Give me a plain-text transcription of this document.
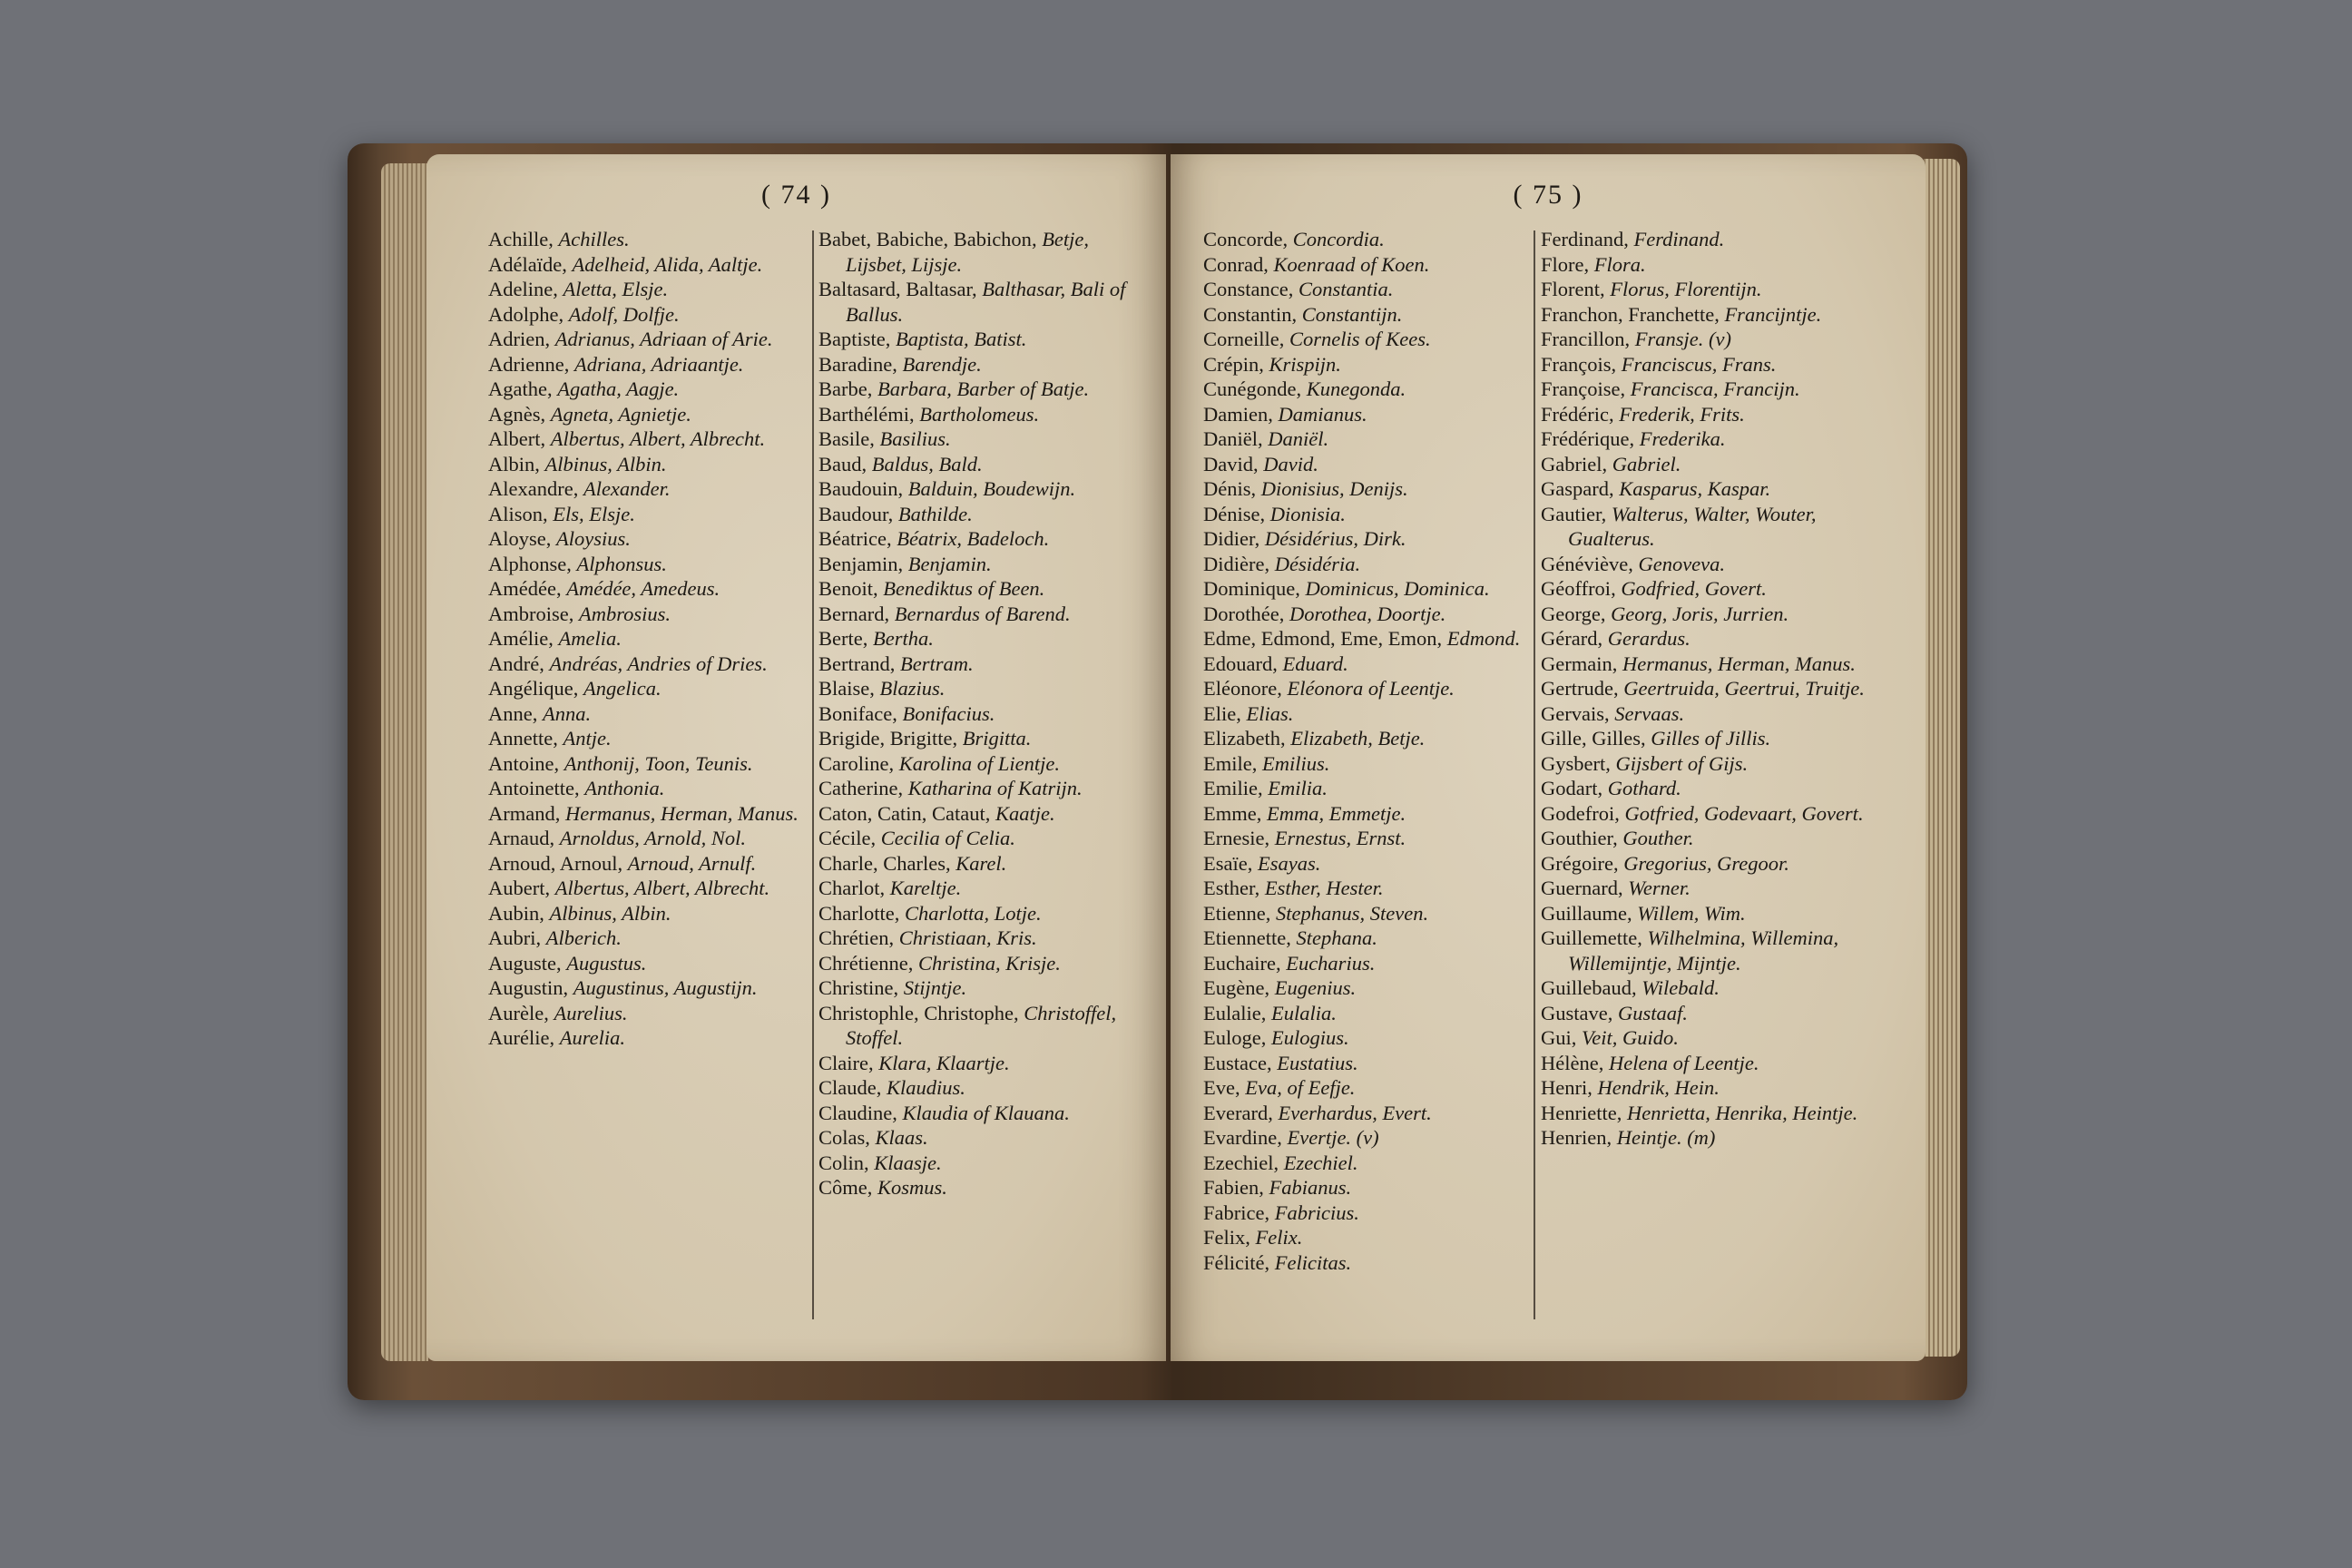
( 74 )

Achille, Achilles.

Adélaïde, Adelheid, Alida, Aaltje.

Adeline, Aletta, Elsje.

Adolphe, Adolf, Dolfje.

Adrien, Adrianus, Adriaan of Arie.

Adrienne, Adriana, Adriaantje.

Agathe, Agatha, Aagje.

Agnès, Agneta, Agnietje.

Albert, Albertus, Albert, Albrecht.

Albin, Albinus, Albin.

Alexandre, Alexander.

Alison, Els, Elsje.

Aloyse, Aloysius.

Alphonse, Alphonsus.

Amédée, Amédée, Amedeus.

Ambroise, Ambrosius.

Amélie, Amelia.

André, Andréas, Andries of Dries.

Angélique, Angelica.

Anne, Anna.

Annette, Antje.

Antoine, Anthonij, Toon, Teunis.

Antoinette, Anthonia.

Armand, Hermanus, Herman, Manus.

Arnaud, Arnoldus, Arnold, Nol.

Arnoud, Arnoul, Arnoud, Arnulf.

Aubert, Albertus, Albert, Albrecht.

Aubin, Albinus, Albin.

Aubri, Alberich.

Auguste, Augustus.

Augustin, Augustinus, Augustijn.

Aurèle, Aurelius.

Aurélie, Aurelia.

Babet, Babiche, Babichon, Betje, Lijsbet, Lijsje.

Baltasard, Baltasar, Balthasar, Bali of Ballus.

Baptiste, Baptista, Batist.

Baradine, Barendje.

Barbe, Barbara, Barber of Batje.

Barthélémi, Bartholomeus.

Basile, Basilius.

Baud, Baldus, Bald.

Baudouin, Balduin, Boudewijn.

Baudour, Bathilde.

Béatrice, Béatrix, Badeloch.

Benjamin, Benjamin.

Benoit, Benediktus of Been.

Bernard, Bernardus of Barend.

Berte, Bertha.

Bertrand, Bertram.

Blaise, Blazius.

Boniface, Bonifacius.

Brigide, Brigitte, Brigitta.

Caroline, Karolina of Lientje.

Catherine, Katharina of Katrijn.

Caton, Catin, Cataut, Kaatje.

Cécile, Cecilia of Celia.

Charle, Charles, Karel.

Charlot, Kareltje.

Charlotte, Charlotta, Lotje.

Chrétien, Christiaan, Kris.

Chrétienne, Christina, Krisje.

Christine, Stijntje.

Christophle, Christophe, Christoffel, Stoffel.

Claire, Klara, Klaartje.

Claude, Klaudius.

Claudine, Klaudia of Klauana.

Colas, Klaas.

Colin, Klaasje.

Côme, Kosmus.

( 75 )

Concorde, Concordia.

Conrad, Koenraad of Koen.

Constance, Constantia.

Constantin, Constantijn.

Corneille, Cornelis of Kees.

Crépin, Krispijn.

Cunégonde, Kunegonda.

Damien, Damianus.

Daniël, Daniël.

David, David.

Dénis, Dionisius, Denijs.

Dénise, Dionisia.

Didier, Désidérius, Dirk.

Didière, Désidéria.

Dominique, Dominicus, Dominica.

Dorothée, Dorothea, Doortje.

Edme, Edmond, Eme, Emon, Edmond.

Edouard, Eduard.

Eléonore, Eléonora of Leentje.

Elie, Elias.

Elizabeth, Elizabeth, Betje.

Emile, Emilius.

Emilie, Emilia.

Emme, Emma, Emmetje.

Ernesie, Ernestus, Ernst.

Esaïe, Esayas.

Esther, Esther, Hester.

Etienne, Stephanus, Steven.

Etiennette, Stephana.

Euchaire, Eucharius.

Eugène, Eugenius.

Eulalie, Eulalia.

Euloge, Eulogius.

Eustace, Eustatius.

Eve, Eva, of Eefje.

Everard, Everhardus, Evert.

Evardine, Evertje. (v)

Ezechiel, Ezechiel.

Fabien, Fabianus.

Fabrice, Fabricius.

Felix, Felix.

Félicité, Felicitas.

Ferdinand, Ferdinand.

Flore, Flora.

Florent, Florus, Florentijn.

Franchon, Franchette, Francijntje.

Francillon, Fransje. (v)

François, Franciscus, Frans.

Françoise, Francisca, Francijn.

Frédéric, Frederik, Frits.

Frédérique, Frederika.

Gabriel, Gabriel.

Gaspard, Kasparus, Kaspar.

Gautier, Walterus, Walter, Wouter, Gualterus.

Généviève, Genoveva.

Géoffroi, Godfried, Govert.

George, Georg, Joris, Jurrien.

Gérard, Gerardus.

Germain, Hermanus, Herman, Manus.

Gertrude, Geertruida, Geertrui, Truitje.

Gervais, Servaas.

Gille, Gilles, Gilles of Jillis.

Gysbert, Gijsbert of Gijs.

Godart, Gothard.

Godefroi, Gotfried, Godevaart, Govert.

Gouthier, Gouther.

Grégoire, Gregorius, Gregoor.

Guernard, Werner.

Guillaume, Willem, Wim.

Guillemette, Wilhelmina, Willemina, Willemijntje, Mijntje.

Guillebaud, Wilebald.

Gustave, Gustaaf.

Gui, Veit, Guido.

Hélène, Helena of Leentje.

Henri, Hendrik, Hein.

Henriette, Henrietta, Henrika, Heintje.

Henrien, Heintje. (m)
